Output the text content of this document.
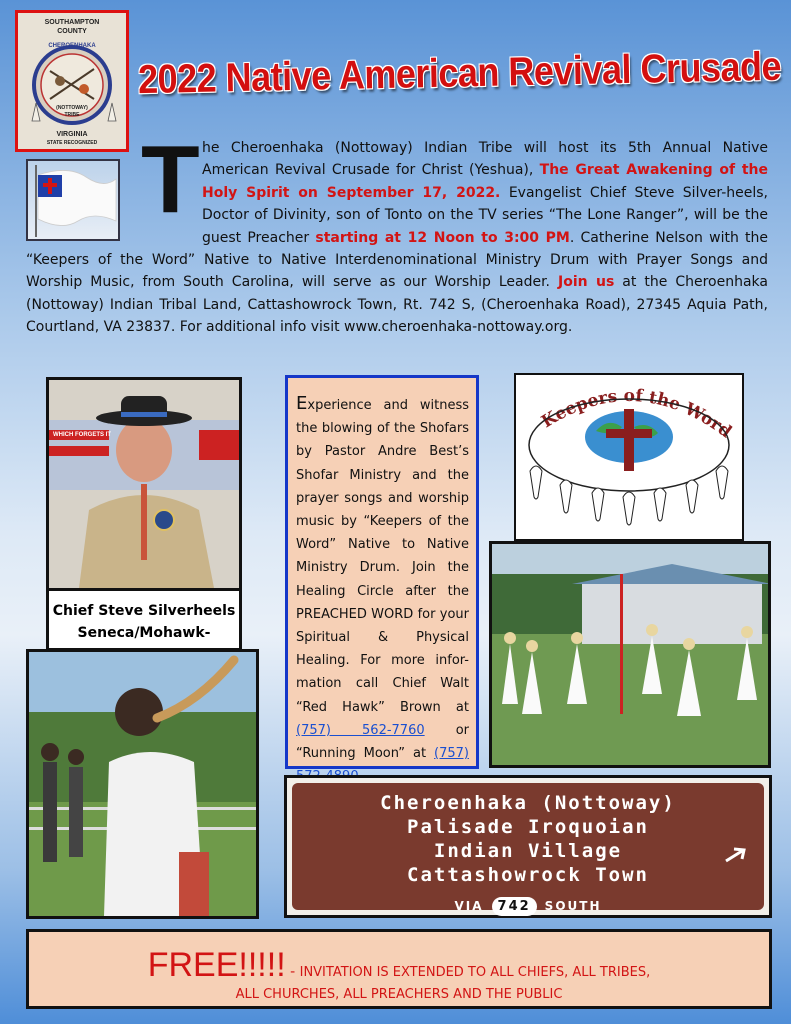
SOUTHAMPTON
COUNTY
CHEROENHAKA
(NOTTOWAY)
TRIBE
VIRGINIA
STATE RECOGNIZED
2022 Native American Revival Crusade
T he Cheroenhaka (Nottoway) Indian Tribe will host its 5th Annual Native American Revival Crusade for Christ (Yeshua), The Great Awakening of the Holy Spirit on September 17, 2022. Evangelist Chief Steve Silver-heels, Doctor of Divinity, son of Tonto on the TV series “The Lone Ranger”, will be the guest Preacher starting at 12 Noon to 3:00 PM. Catherine Nelson with the “Keepers of the Word” Native to Native Interdenominational Ministry Drum with Prayer Songs and Worship Music, from South Carolina, will serve as our Worship Leader. Join us at the Cheroenhaka (Nottoway) Indian Tribal Land, Cattashowrock Town, Rt. 742 S, (Cheroenhaka Road), 27345 Aquia Path, Courtland, VA 23837. For additional info visit www.cheroenhaka-nottoway.org.
WHICH FORGETS IT
Chief Steve Silverheels
Seneca/Mohawk-
Experience and witness the blowing of the Shofars by Pastor Andre Best’s Shofar Ministry and the prayer songs and worship music by “Keepers of the Word” Native to Native Ministry Drum. Join the Healing Circle after the PREACHED WORD for your Spiritual & Physical Healing. For more infor-mation call Chief Walt “Red Hawk” Brown at (757) 562-7760 or “Running Moon” at (757)
Keepers of the Word
Cheroenhaka (Nottoway)
Palisade Iroquoian
Indian Village
Cattashowrock Town
VIA 742 SOUTH
FREE!!!!! - INVITATION IS EXTENDED TO ALL CHIEFS, ALL TRIBES,
ALL CHURCHES, ALL PREACHERS AND THE PUBLIC
